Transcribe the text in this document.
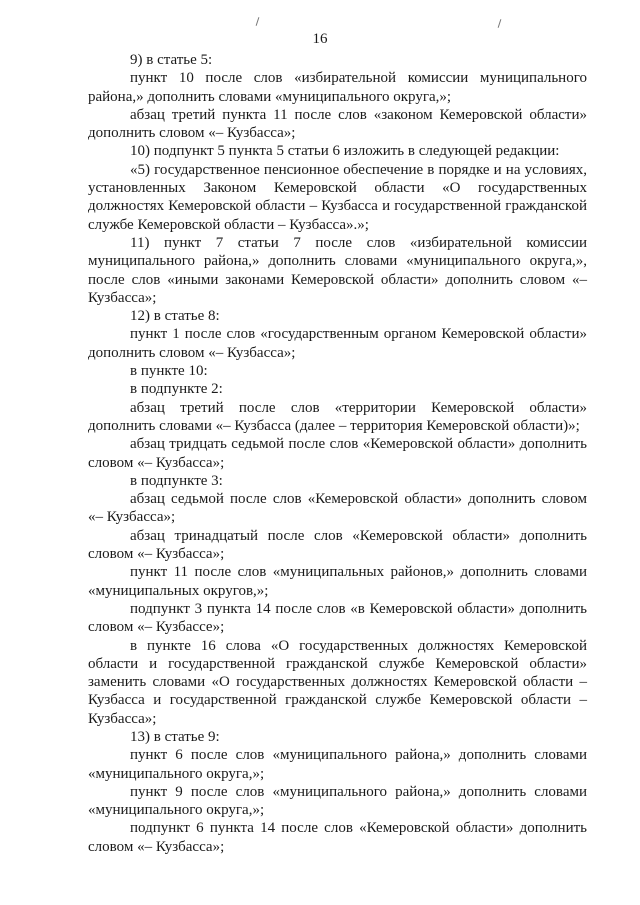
16

9) в статье 5:

пункт 10 после слов «избирательной комиссии муниципального района,» дополнить словами «муниципального округа,»;

абзац третий пункта 11 после слов «законом Кемеровской области» дополнить словом «– Кузбасса»;

10) подпункт 5 пункта 5 статьи 6 изложить в следующей редакции:

«5) государственное пенсионное обеспечение в порядке и на условиях, установленных Законом Кемеровской области «О государственных должностях Кемеровской области – Кузбасса и государственной гражданской службе Кемеровской области – Кузбасса».»;

11) пункт 7 статьи 7 после слов «избирательной комиссии муниципального района,» дополнить словами «муниципального округа,», после слов «иными законами Кемеровской области» дополнить словом «– Кузбасса»;

12) в статье 8:

пункт 1 после слов «государственным органом Кемеровской области» дополнить словом «– Кузбасса»;

в пункте 10:

в подпункте 2:

абзац третий после слов «территории Кемеровской области» дополнить словами «– Кузбасса (далее – территория Кемеровской области)»;

абзац тридцать седьмой после слов «Кемеровской области» дополнить словом «– Кузбасса»;

в подпункте 3:

абзац седьмой после слов «Кемеровской области» дополнить словом «– Кузбасса»;

абзац тринадцатый после слов «Кемеровской области» дополнить словом «– Кузбасса»;

пункт 11 после слов «муниципальных районов,» дополнить словами «муниципальных округов,»;

подпункт 3 пункта 14 после слов «в Кемеровской области» дополнить словом «– Кузбассе»;

в пункте 16 слова «О государственных должностях Кемеровской области и государственной гражданской службе Кемеровской области» заменить словами «О государственных должностях Кемеровской области – Кузбасса и государственной гражданской службе Кемеровской области – Кузбасса»;

13) в статье 9:

пункт 6 после слов «муниципального района,» дополнить словами «муниципального округа,»;

пункт 9 после слов «муниципального района,» дополнить словами «муниципального округа,»;

подпункт 6 пункта 14 после слов «Кемеровской области» дополнить словом «– Кузбасса»;
